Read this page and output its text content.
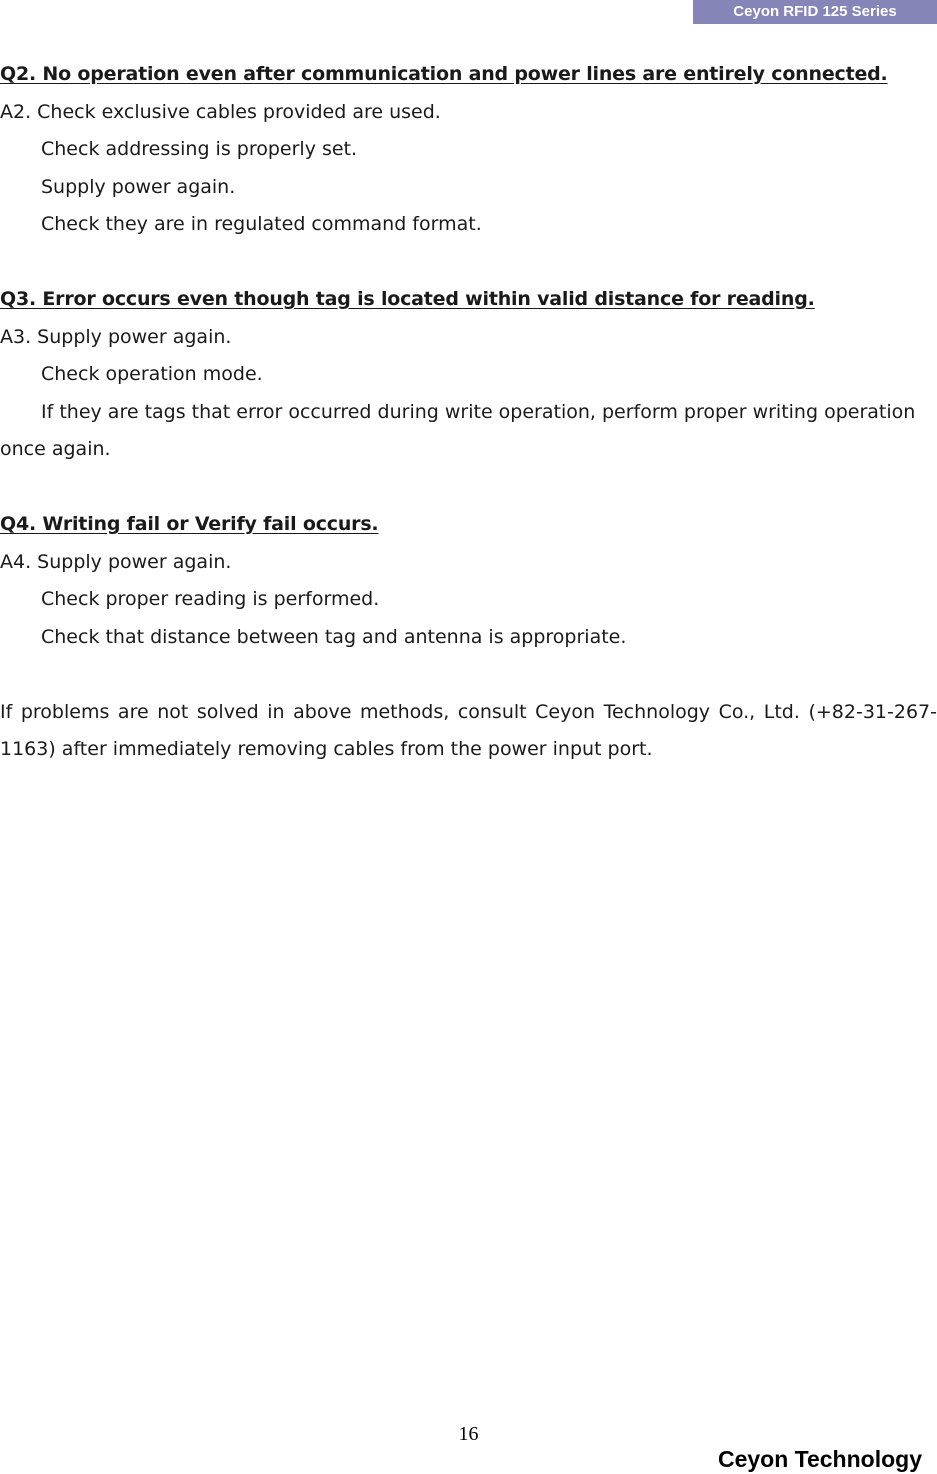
Ceyon RFID 125 Series
Q2. No operation even after communication and power lines are entirely connected.
A2. Check exclusive cables provided are used.
Check addressing is properly set.
Supply power again.
Check they are in regulated command format.
Q3. Error occurs even though tag is located within valid distance for reading.
A3. Supply power again.
Check operation mode.
If they are tags that error occurred during write operation, perform proper writing operation once again.
Q4. Writing fail or Verify fail occurs.
A4. Supply power again.
Check proper reading is performed.
Check that distance between tag and antenna is appropriate.
If problems are not solved in above methods, consult Ceyon Technology Co., Ltd. (+82-31-267-1163) after immediately removing cables from the power input port.
16
Ceyon Technology
